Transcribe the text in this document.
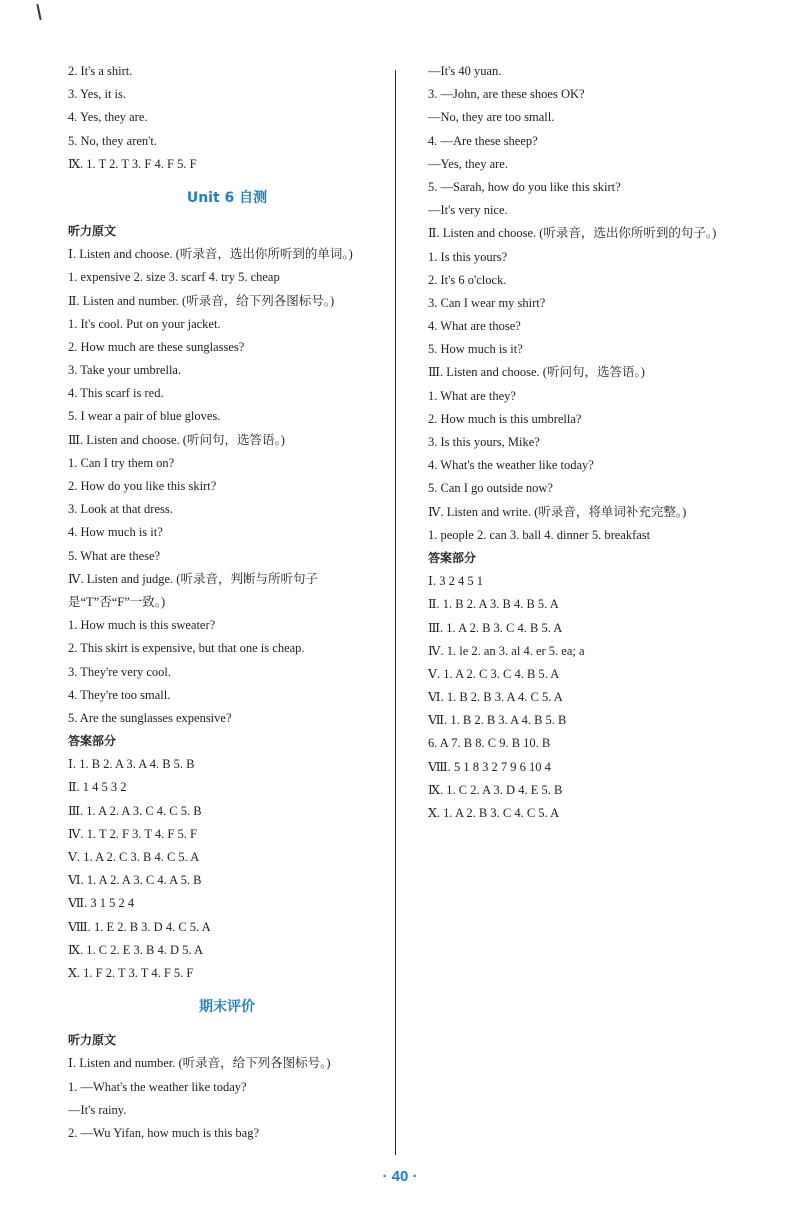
2. It's a shirt.
3. Yes, it is.
4. Yes, they are.
5. No, they aren't.
Ⅸ. 1. T 2. T 3. F 4. F 5. F
Unit 6 自测
听力原文
Ⅰ. Listen and choose. (听录音，选出你所听到的单词。)
1. expensive 2. size 3. scarf 4. try 5. cheap
Ⅱ. Listen and number. (听录音，给下列各图标号。)
1. It's cool. Put on your jacket.
2. How much are these sunglasses?
3. Take your umbrella.
4. This scarf is red.
5. I wear a pair of blue gloves.
Ⅲ. Listen and choose. (听问句，选答语。)
1. Can I try them on?
2. How do you like this skirt?
3. Look at that dress.
4. How much is it?
5. What are these?
Ⅳ. Listen and judge. (听录音，判断与所听句子是“T”否“F”一致。)
1. How much is this sweater?
2. This skirt is expensive, but that one is cheap.
3. They're very cool.
4. They're too small.
5. Are the sunglasses expensive?
答案部分
Ⅰ. 1. B 2. A 3. A 4. B 5. B
Ⅱ. 1 4 5 3 2
Ⅲ. 1. A 2. A 3. C 4. C 5. B
Ⅳ. 1. T 2. F 3. T 4. F 5. F
Ⅴ. 1. A 2. C 3. B 4. C 5. A
Ⅵ. 1. A 2. A 3. C 4. A 5. B
Ⅶ. 3 1 5 2 4
Ⅷ. 1. E 2. B 3. D 4. C 5. A
Ⅸ. 1. C 2. E 3. B 4. D 5. A
Ⅹ. 1. F 2. T 3. T 4. F 5. F
期末评价
听力原文
Ⅰ. Listen and number. (听录音，给下列各图标号。)
1. —What's the weather like today?
—It's rainy.
2. —Wu Yifan, how much is this bag?
—It's 40 yuan.
3. —John, are these shoes OK?
—No, they are too small.
4. —Are these sheep?
—Yes, they are.
5. —Sarah, how do you like this skirt?
—It's very nice.
Ⅱ. Listen and choose. (听录音，选出你所听到的句子。)
1. Is this yours?
2. It's 6 o'clock.
3. Can I wear my shirt?
4. What are those?
5. How much is it?
Ⅲ. Listen and choose. (听问句，选答语。)
1. What are they?
2. How much is this umbrella?
3. Is this yours, Mike?
4. What's the weather like today?
5. Can I go outside now?
Ⅳ. Listen and write. (听录音，将单词补充完整。)
1. people 2. can 3. ball 4. dinner 5. breakfast
答案部分
Ⅰ. 3 2 4 5 1
Ⅱ. 1. B 2. A 3. B 4. B 5. A
Ⅲ. 1. A 2. B 3. C 4. B 5. A
Ⅳ. 1. le 2. an 3. al 4. er 5. ea; a
Ⅴ. 1. A 2. C 3. C 4. B 5. A
Ⅵ. 1. B 2. B 3. A 4. C 5. A
Ⅶ. 1. B 2. B 3. A 4. B 5. B
6. A 7. B 8. C 9. B 10. B
Ⅷ. 5 1 8 3 2 7 9 6 10 4
Ⅸ. 1. C 2. A 3. D 4. E 5. B
Ⅹ. 1. A 2. B 3. C 4. C 5. A
· 40 ·
